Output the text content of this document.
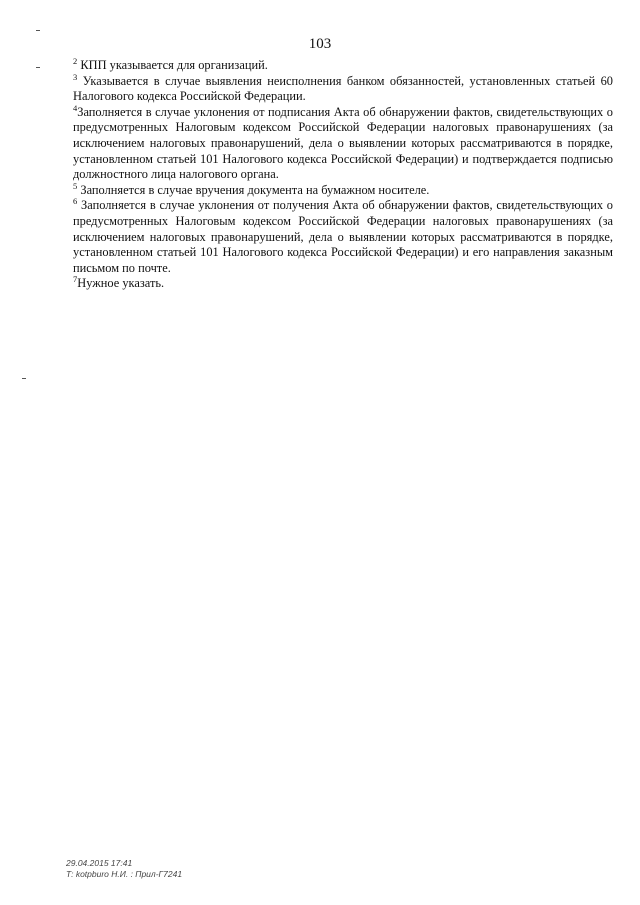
103

$^2$ КПП указывается для организаций.

$^3$ Указывается в случае выявления неисполнения банком обязанностей, установленных статьей 60 Налогового кодекса Российской Федерации.

$^4$Заполняется в случае уклонения от подписания Акта об обнаружении фактов, свидетельствующих о предусмотренных Налоговым кодексом Российской Федерации налоговых правонарушениях (за исключением налоговых правонарушений, дела о выявлении которых рассматриваются в порядке, установленном статьей 101 Налогового кодекса Российской Федерации) и подтверждается подписью должностного лица налогового органа.

$^5$ Заполняется в случае вручения документа на бумажном носителе.

$^6$ Заполняется в случае уклонения от получения Акта об обнаружении фактов, свидетельствующих о предусмотренных Налоговым кодексом Российской Федерации налоговых правонарушениях (за исключением налоговых правонарушений, дела о выявлении которых рассматриваются в порядке, установленном статьей 101 Налогового кодекса Российской Федерации) и его направления заказным письмом по почте.

$^7$Нужное указать.

29.04.2015 17:41
Т: kotpburo Н.И. : Прил-Г7241
